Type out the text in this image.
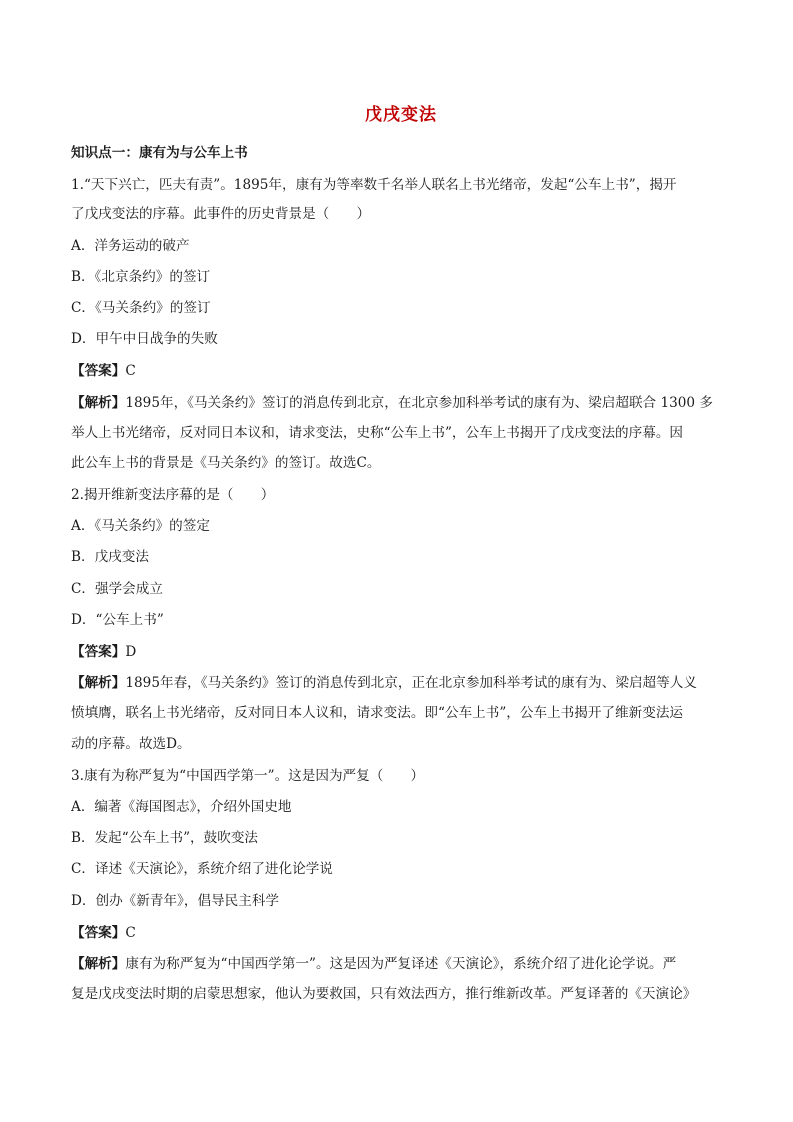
戊戌变法
知识点一：康有为与公车上书
1.“天下兴亡，匹夫有责”。1895年，康有为等率数千名举人联名上书光绪帝，发起“公车上书”，揭开
了戊戌变法的序幕。此事件的历史背景是（　　）
A．洋务运动的破产
B．《北京条约》的签订
C．《马关条约》的签订
D．甲午中日战争的失败
【答案】C
【解析】1895年，《马关条约》签订的消息传到北京，在北京参加科举考试的康有为、梁启超联合 1300 多
举人上书光绪帝，反对同日本议和，请求变法，史称“公车上书”，公车上书揭开了戊戌变法的序幕。因
此公车上书的背景是《马关条约》的签订。故选C。
2.揭开维新变法序幕的是（　　）
A．《马关条约》的签定
B．戊戌变法
C．强学会成立
D．“公车上书”
【答案】D
【解析】1895年春，《马关条约》签订的消息传到北京，正在北京参加科举考试的康有为、梁启超等人义
愤填膺，联名上书光绪帝，反对同日本人议和，请求变法。即“公车上书”，公车上书揭开了维新变法运
动的序幕。故选D。
3.康有为称严复为“中国西学第一”。这是因为严复（　　）
A．编著《海国图志》，介绍外国史地
B．发起“公车上书”，鼓吹变法
C．译述《天演论》，系统介绍了进化论学说
D．创办《新青年》，倡导民主科学
【答案】C
【解析】康有为称严复为“中国西学第一”。这是因为严复译述《天演论》，系统介绍了进化论学说。严
复是戊戌变法时期的启蒙思想家，他认为要救国，只有效法西方，推行维新改革。严复译著的《天演论》
